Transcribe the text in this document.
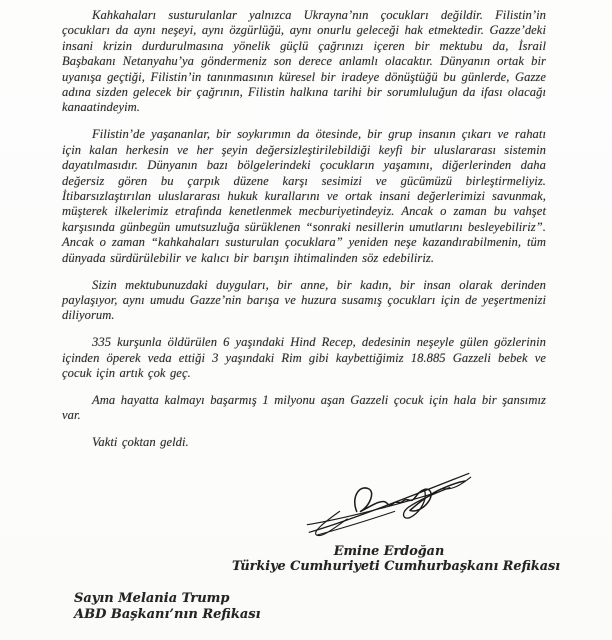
Kahkahaları susturulanlar yalnızca Ukrayna’nın çocukları değildir. Filistin’in çocukları da aynı neşeyi, aynı özgürlüğü, aynı onurlu geleceği hak etmektedir. Gazze’deki insani krizin durdurulmasına yönelik güçlü çağrınızı içeren bir mektubu da, İsrail Başbakanı Netanyahu’ya göndermeniz son derece anlamlı olacaktır. Dünyanın ortak bir uyanışa geçtiği, Filistin’in tanınmasının küresel bir iradeye dönüştüğü bu günlerde, Gazze adına sizden gelecek bir çağrının, Filistin halkına tarihi bir sorumluluğun da ifası olacağı kanaatindeyim.

Filistin’de yaşananlar, bir soykırımın da ötesinde, bir grup insanın çıkarı ve rahatı için kalan herkesin ve her şeyin değersizleştirilebildiği keyfi bir uluslararası sistemin dayatılmasıdır. Dünyanın bazı bölgelerindeki çocukların yaşamını, diğerlerinden daha değersiz gören bu çarpık düzene karşı sesimizi ve gücümüzü birleştirmeliyiz. İtibarsızlaştırılan uluslararası hukuk kurallarını ve ortak insani değerlerimizi savunmak, müşterek ilkelerimiz etrafında kenetlenmek mecburiyetindeyiz. Ancak o zaman bu vahşet karşısında günbegün umutsuzluğa sürüklenen “sonraki nesillerin umutlarını besleyebiliriz”. Ancak o zaman “kahkahaları susturulan çocuklara” yeniden neşe kazandırabilmenin, tüm dünyada sürdürülebilir ve kalıcı bir barışın ihtimalinden söz edebiliriz.

Sizin mektubunuzdaki duyguları, bir anne, bir kadın, bir insan olarak derinden paylaşıyor, aynı umudu Gazze’nin barışa ve huzura susamış çocukları için de yeşertmenizi diliyorum.

335 kurşunla öldürülen 6 yaşındaki Hind Recep, dedesinin neşeyle gülen gözlerinin içinden öperek veda ettiği 3 yaşındaki Rim gibi kaybettiğimiz 18.885 Gazzeli bebek ve çocuk için artık çok geç.

Ama hayatta kalmayı başarmış 1 milyonu aşan Gazzeli çocuk için hala bir şansımız var.

Vakti çoktan geldi.

Emine Erdoğan
Türkiye Cumhuriyeti Cumhurbaşkanı Refikası
Sayın Melania Trump
ABD Başkanı’nın Refikası
